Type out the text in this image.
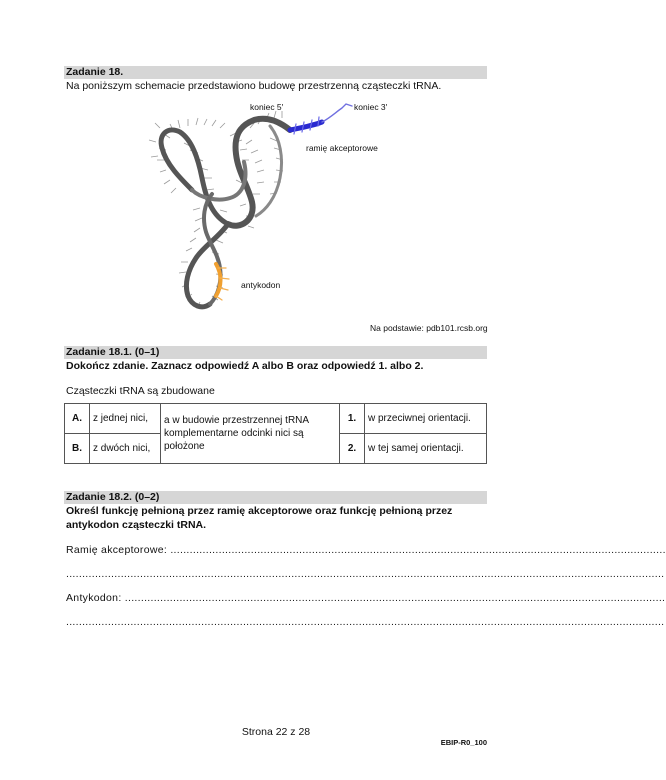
Zadanie 18.
Na poniższym schemacie przedstawiono budowę przestrzenną cząsteczki tRNA.
koniec 5′	koniec 3′
ramię akceptorowe
antykodon
Na podstawie: pdb101.rcsb.org
Zadanie 18.1. (0–1)
Dokończ zdanie. Zaznacz odpowiedź A albo B oraz odpowiedź 1. albo 2.
Cząsteczki tRNA są zbudowane
A.	z jednej nici,	a w budowie przestrzennej tRNA komplementarne odcinki nici są położone	1.	w przeciwnej orientacji.
B.	z dwóch nici,		2.	w tej samej orientacji.
Zadanie 18.2. (0–2)
Określ funkcję pełnioną przez ramię akceptorowe oraz funkcję pełnioną przez
antykodon cząsteczki tRNA.
Ramię akceptorowe: ..........................................................................................................................................................
..........................................................................................................................................................................................
Antykodon: ........................................................................................................................................................................
..........................................................................................................................................................................................
Strona 22 z 28
EBIP-R0_100
